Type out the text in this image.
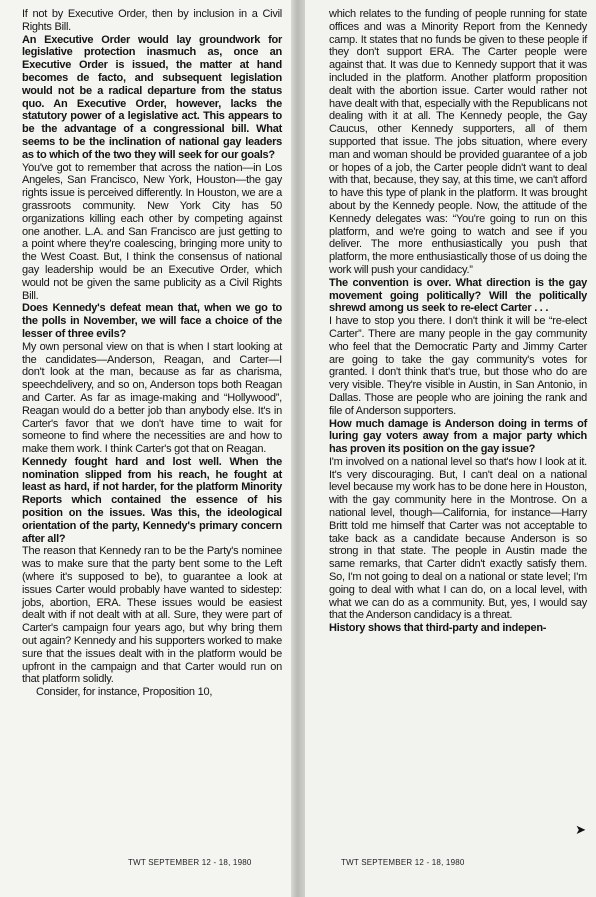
If not by Executive Order, then by inclusion in a Civil Rights Bill.

An Executive Order would lay groundwork for legislative protection inasmuch as, once an Executive Order is issued, the matter at hand becomes de facto, and subsequent legislation would not be a radical departure from the status quo. An Executive Order, however, lacks the statutory power of a legislative act. This appears to be the advantage of a congressional bill. What seems to be the inclination of national gay leaders as to which of the two they will seek for our goals?

You've got to remember that across the nation—in Los Angeles, San Francisco, New York, Houston—the gay rights issue is perceived differently. In Houston, we are a grassroots community. New York City has 50 organizations killing each other by competing against one another. L.A. and San Francisco are just getting to a point where they're coalescing, bringing more unity to the West Coast. But, I think the consensus of national gay leadership would be an Executive Order, which would not be given the same publicity as a Civil Rights Bill.

Does Kennedy's defeat mean that, when we go to the polls in November, we will face a choice of the lesser of three evils?

My own personal view on that is when I start looking at the candidates—Anderson, Reagan, and Carter—I don't look at the man, because as far as charisma, speechdelivery, and so on, Anderson tops both Reagan and Carter. As far as image-making and “Hollywood”, Reagan would do a better job than anybody else. It's in Carter's favor that we don't have time to wait for someone to find where the necessities are and how to make them work. I think Carter's got that on Reagan.

Kennedy fought hard and lost well. When the nomination slipped from his reach, he fought at least as hard, if not harder, for the platform Minority Reports which contained the essence of his position on the issues. Was this, the ideological orientation of the party, Kennedy's primary concern after all?

The reason that Kennedy ran to be the Party's nominee was to make sure that the party bent some to the Left (where it's supposed to be), to guarantee a look at issues Carter would probably have wanted to sidestep: jobs, abortion, ERA. These issues would be easiest dealt with if not dealt with at all. Sure, they were part of Carter's campaign four years ago, but why bring them out again? Kennedy and his supporters worked to make sure that the issues dealt with in the platform would be upfront in the campaign and that Carter would run on that platform solidly.

Consider, for instance, Proposition 10,

TWT SEPTEMBER 12 - 18, 1980

which relates to the funding of people running for state offices and was a Minority Report from the Kennedy camp. It states that no funds be given to these people if they don't support ERA. The Carter people were against that. It was due to Kennedy support that it was included in the platform. Another platform proposition dealt with the abortion issue. Carter would rather not have dealt with that, especially with the Republicans not dealing with it at all. The Kennedy people, the Gay Caucus, other Kennedy supporters, all of them supported that issue. The jobs situation, where every man and woman should be provided guarantee of a job or hopes of a job, the Carter people didn't want to deal with that, because, they say, at this time, we can't afford to have this type of plank in the platform. It was brought about by the Kennedy people. Now, the attitude of the Kennedy delegates was: “You're going to run on this platform, and we're going to watch and see if you deliver. The more enthusiastically you push that platform, the more enthusiastically those of us doing the work will push your candidacy.”

The convention is over. What direction is the gay movement going politically? Will the politically shrewd among us seek to re-elect Carter . . .

I have to stop you there. I don't think it will be “re-elect Carter”. There are many people in the gay community who feel that the Democratic Party and Jimmy Carter are going to take the gay community's votes for granted. I don't think that's true, but those who do are very visible. They're visible in Austin, in San Antonio, in Dallas. Those are people who are joining the rank and file of Anderson supporters.

How much damage is Anderson doing in terms of luring gay voters away from a major party which has proven its position on the gay issue?

I'm involved on a national level so that's how I look at it. It's very discouraging. But, I can't deal on a national level because my work has to be done here in Houston, with the gay community here in the Montrose. On a national level, though—California, for instance—Harry Britt told me himself that Carter was not acceptable to take back as a candidate because Anderson is so strong in that state. The people in Austin made the same remarks, that Carter didn't exactly satisfy them. So, I'm not going to deal on a national or state level; I'm going to deal with what I can do, on a local level, with what we can do as a community. But, yes, I would say that the Anderson candidacy is a threat.

History shows that third-party and indepen-

➤
TWT SEPTEMBER 12 - 18, 1980
